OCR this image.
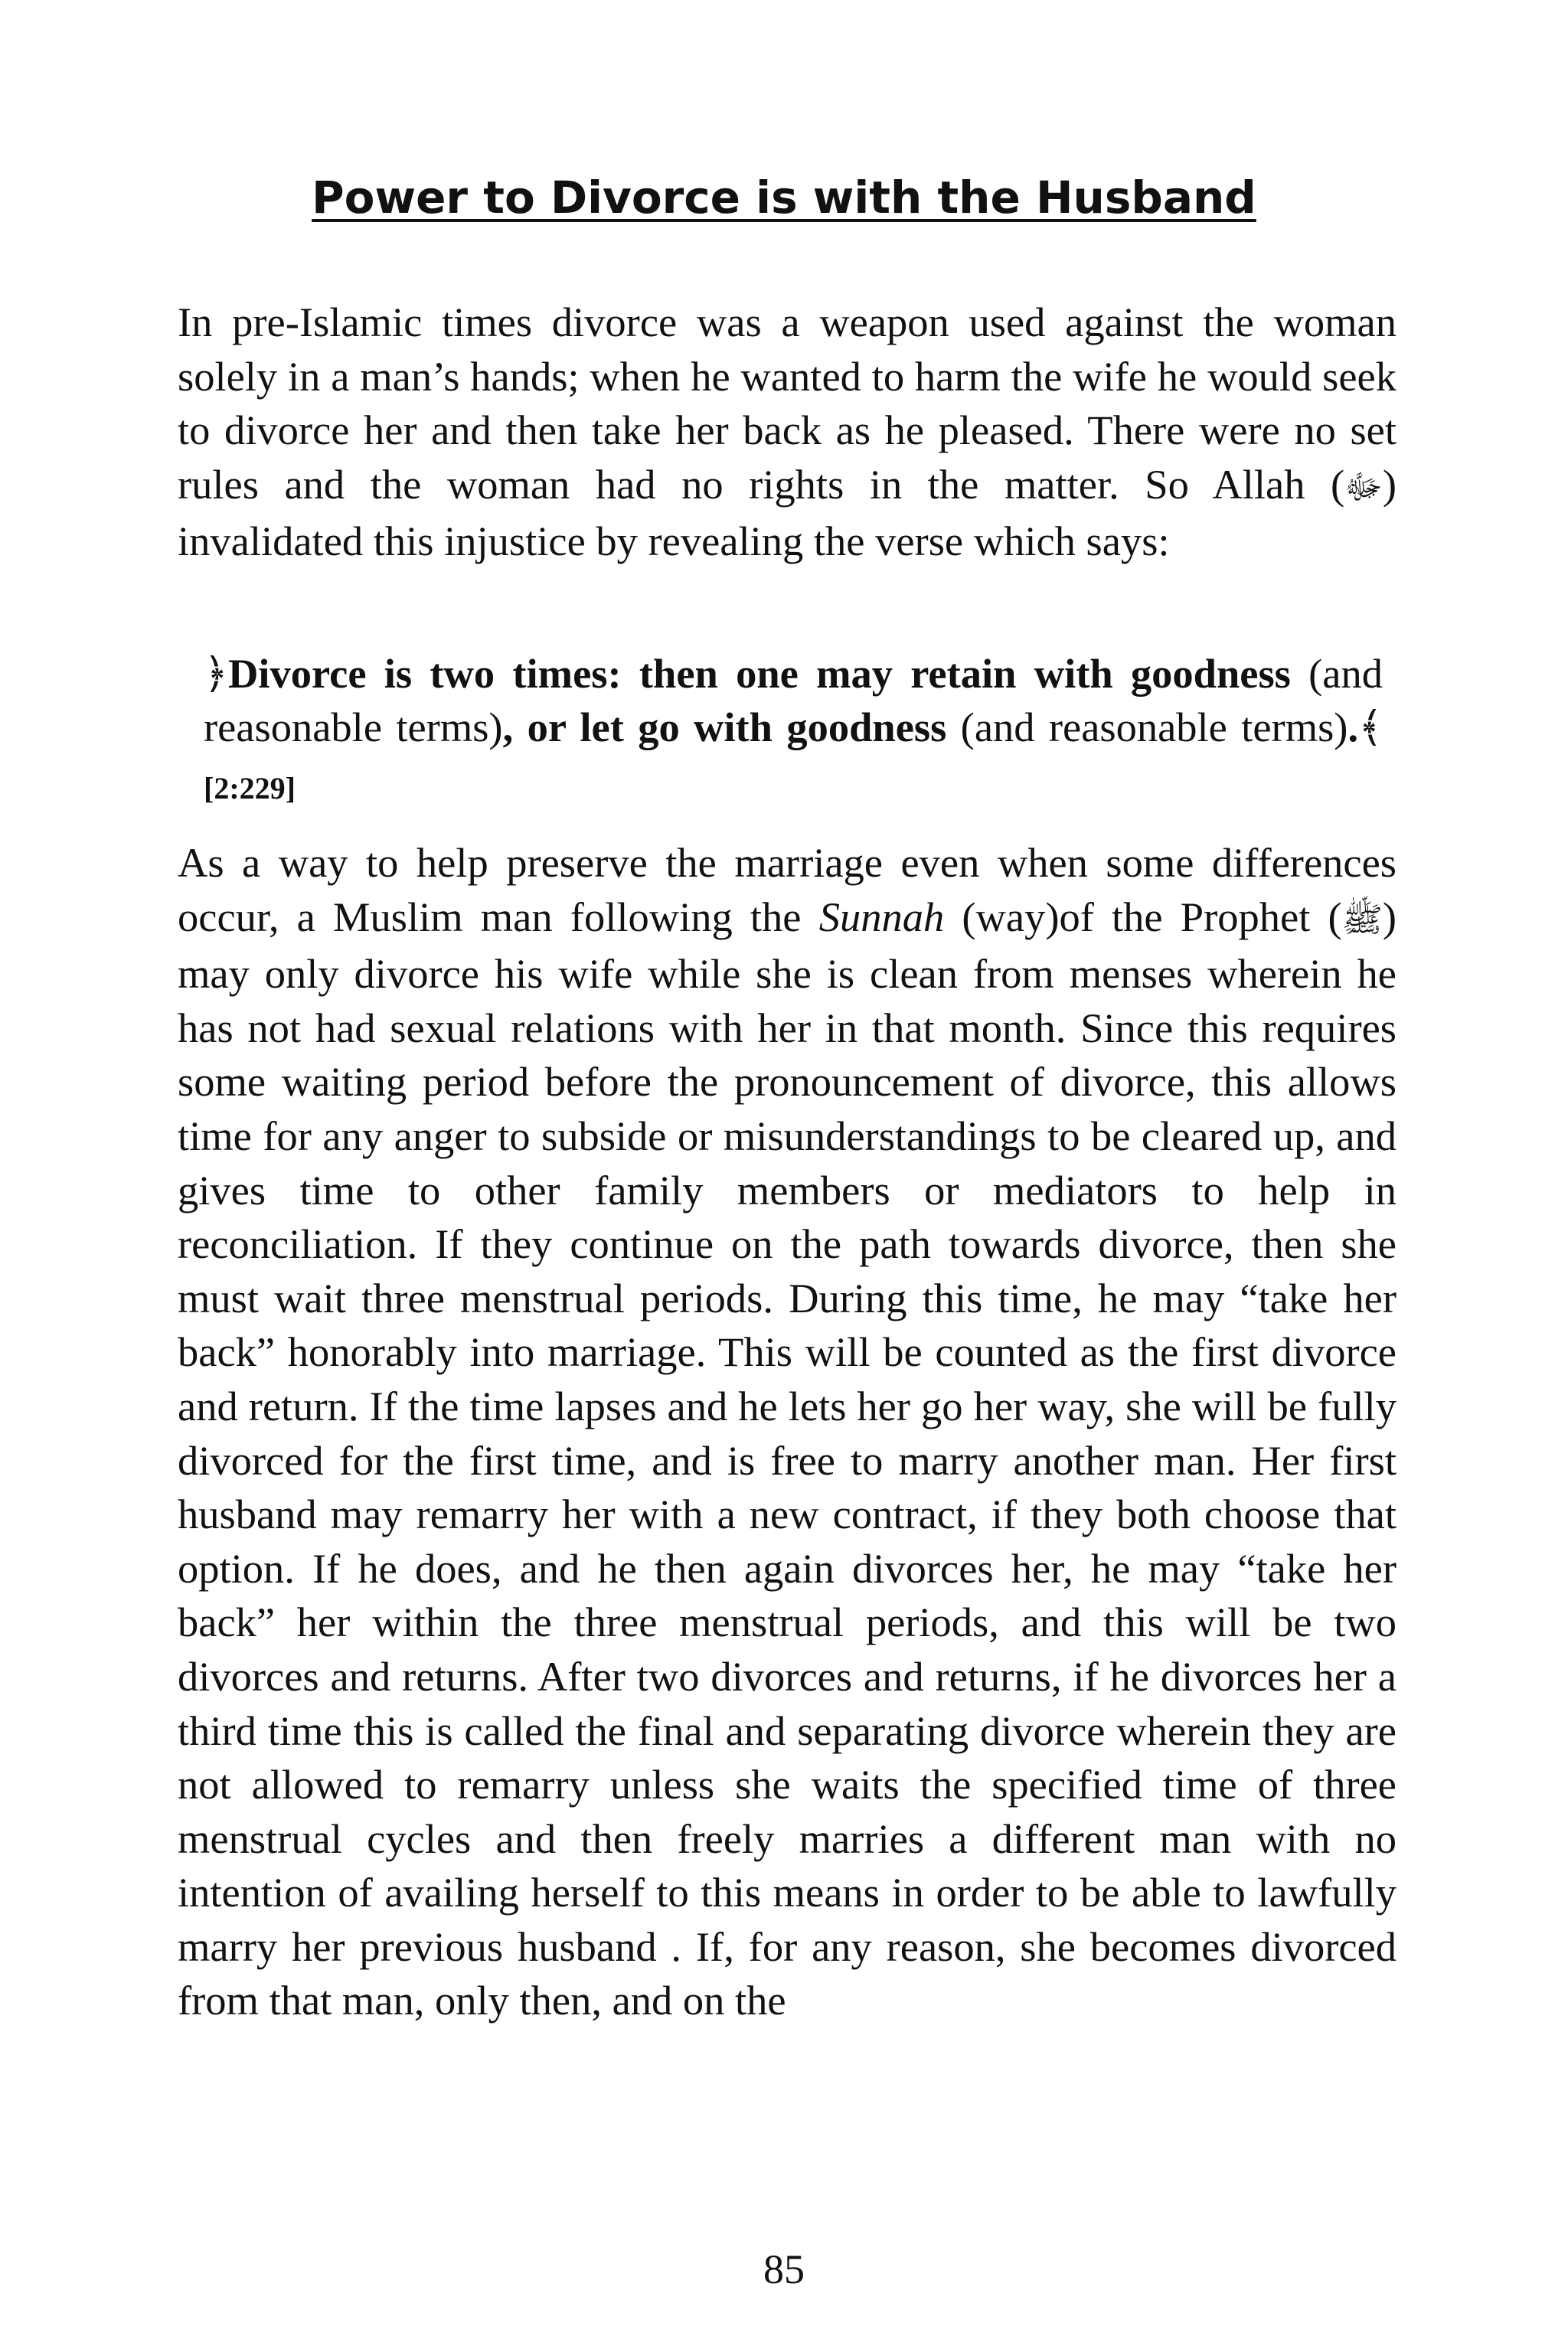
Power to Divorce is with the Husband

In pre-Islamic times divorce was a weapon used against the woman solely in a man’s hands; when he wanted to harm the wife he would seek to divorce her and then take her back as he pleased. There were no set rules and the woman had no rights in the matter. So Allah (ﷻ) invalidated this injustice by revealing the verse which says:

﴿Divorce is two times: then one may retain with goodness (and reasonable terms), or let go with goodness (and reasonable terms).﴾ [2:229]

As a way to help preserve the marriage even when some differences occur, a Muslim man following the Sunnah (way)of the Prophet (ﷺ) may only divorce his wife while she is clean from menses wherein he has not had sexual relations with her in that month. Since this requires some waiting period before the pronouncement of divorce, this allows time for any anger to subside or misunderstandings to be cleared up, and gives time to other family members or mediators to help in reconciliation. If they continue on the path towards divorce, then she must wait three menstrual periods. During this time, he may “take her back” honorably into marriage. This will be counted as the first divorce and return. If the time lapses and he lets her go her way, she will be fully divorced for the first time, and is free to marry another man. Her first husband may remarry her with a new contract, if they both choose that option. If he does, and he then again divorces her, he may “take her back” her within the three menstrual periods, and this will be two divorces and returns. After two divorces and returns, if he divorces her a third time this is called the final and separating divorce wherein they are not allowed to remarry unless she waits the specified time of three menstrual cycles and then freely marries a different man with no intention of availing herself to this means in order to be able to lawfully marry her previous husband . If, for any reason, she becomes divorced from that man, only then, and on the

85
